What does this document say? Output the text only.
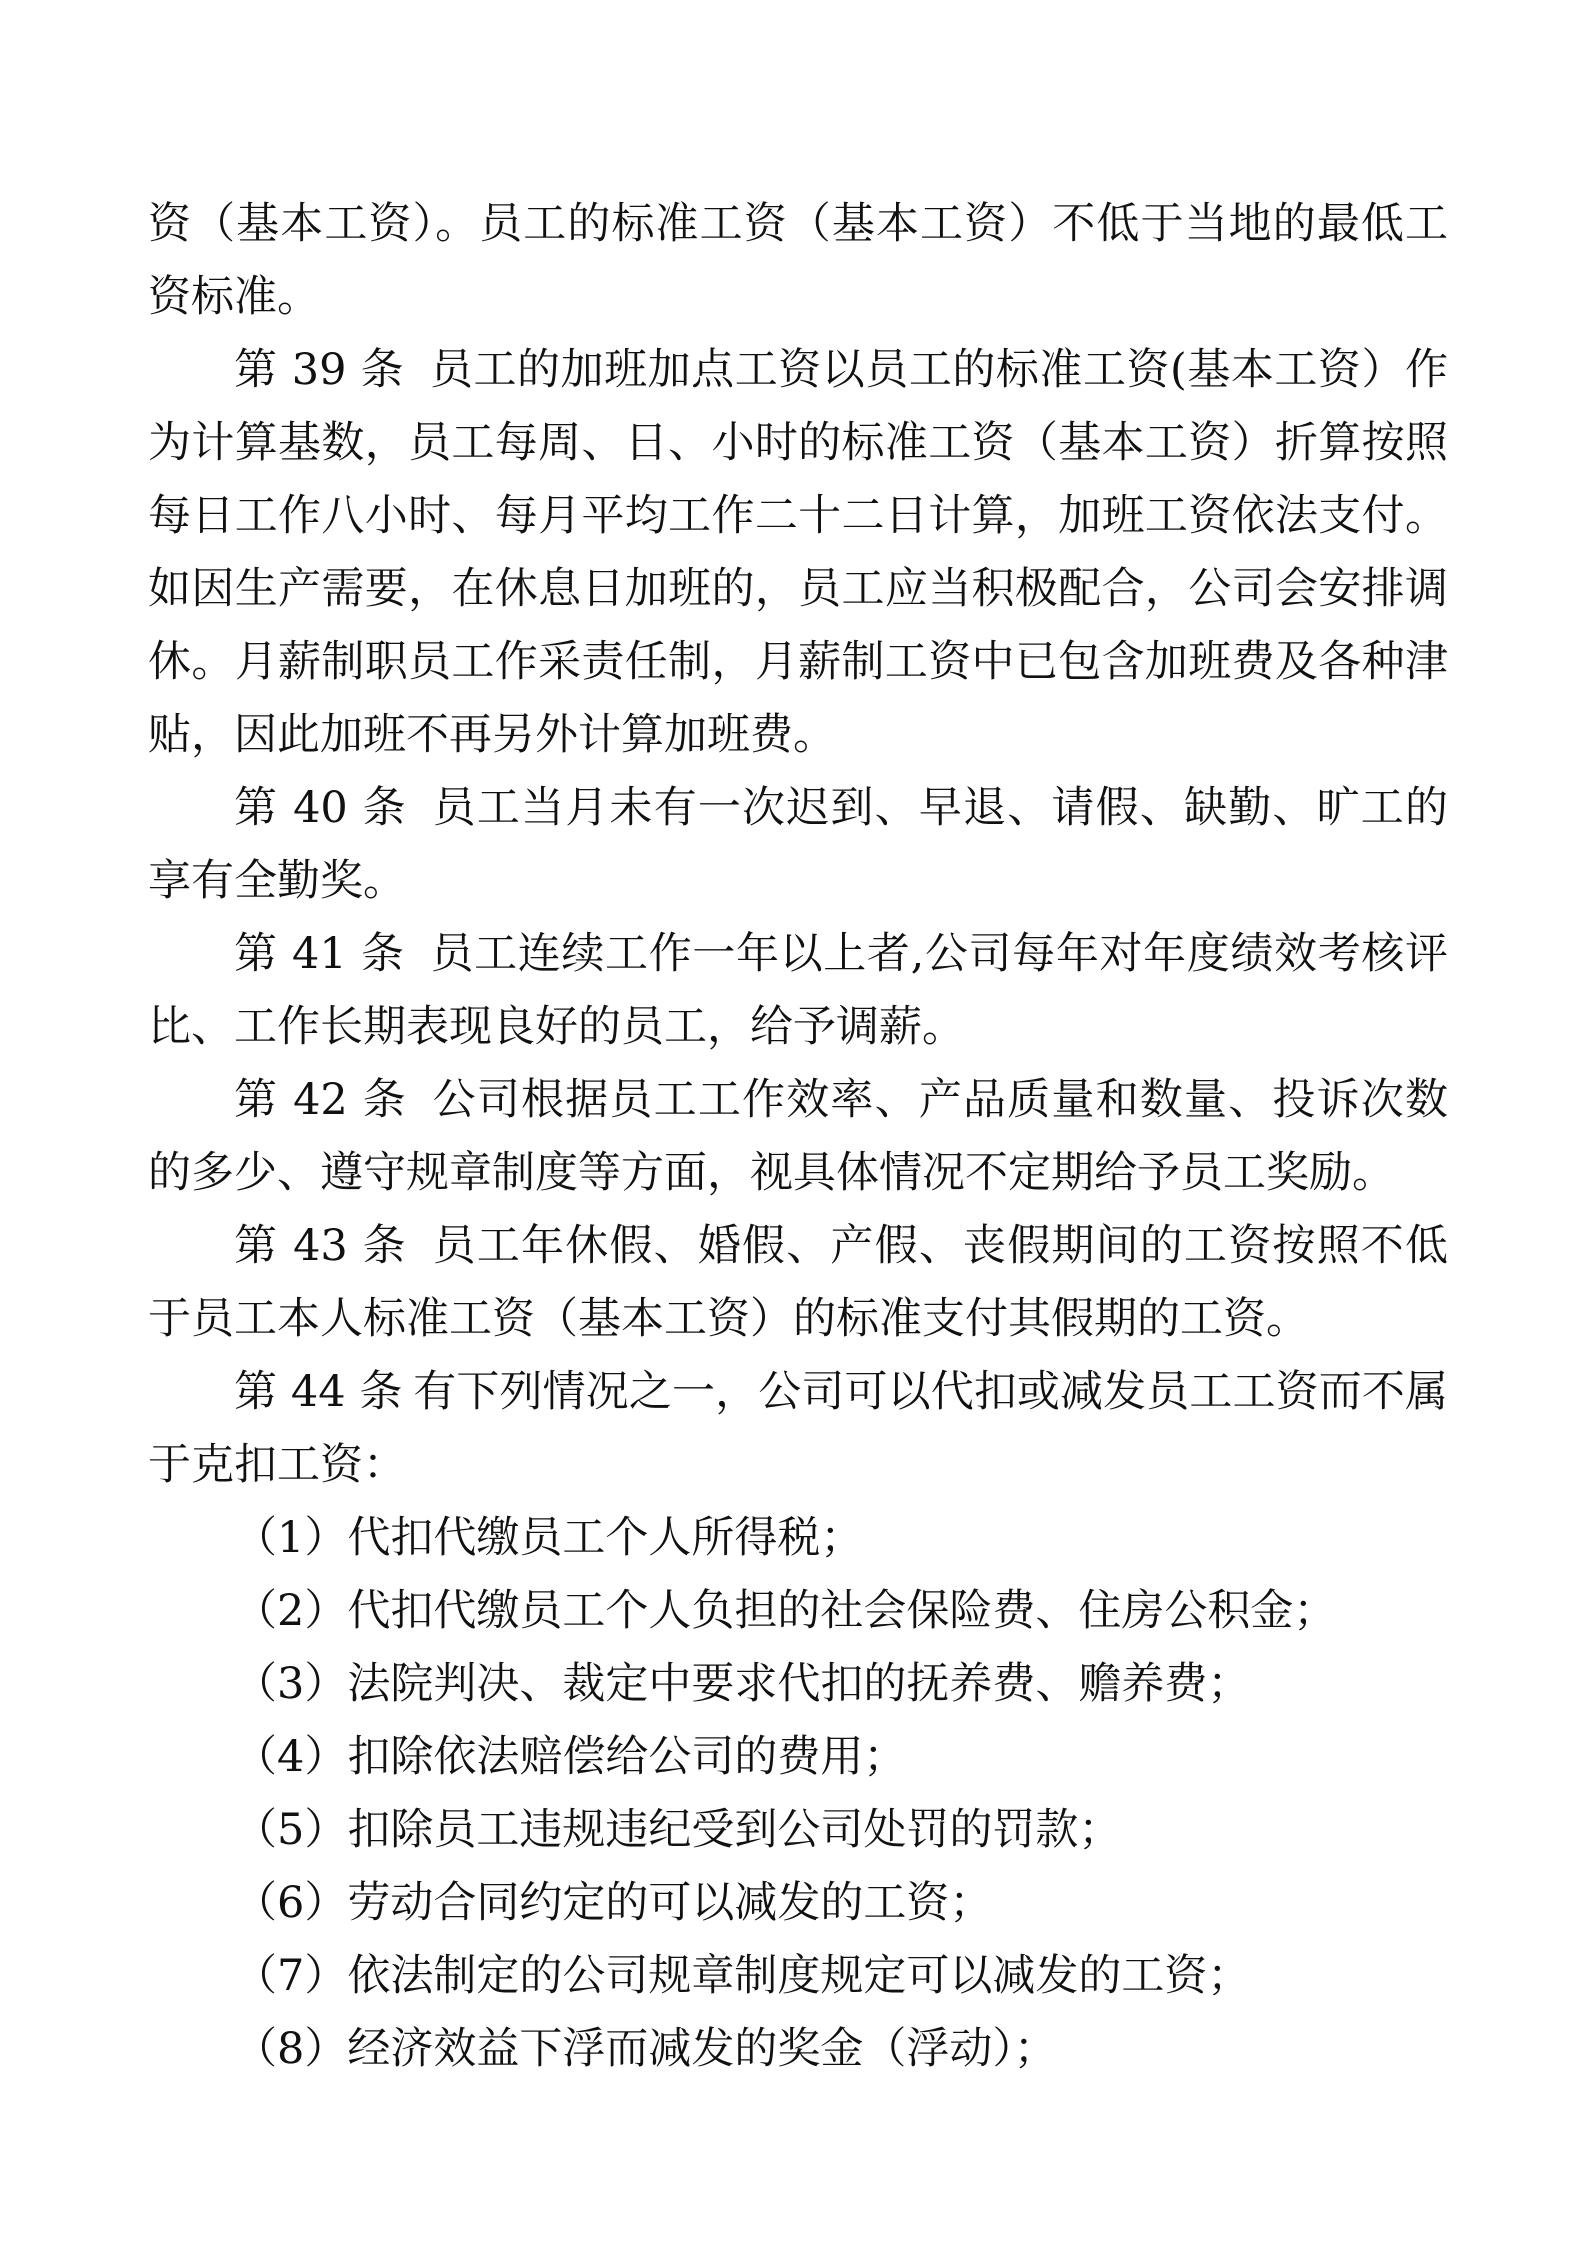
资（基本工资）。员工的标准工资（基本工资）不低于当地的最低工资标准。

第 39 条 员工的加班加点工资以员工的标准工资(基本工资）作为计算基数，员工每周、日、小时的标准工资（基本工资）折算按照每日工作八小时、每月平均工作二十二日计算，加班工资依法支付。如因生产需要，在休息日加班的，员工应当积极配合，公司会安排调休。月薪制职员工作采责任制，月薪制工资中已包含加班费及各种津贴，因此加班不再另外计算加班费。

第 40 条 员工当月未有一次迟到、早退、请假、缺勤、旷工的享有全勤奖。

第 41 条 员工连续工作一年以上者,公司每年对年度绩效考核评比、工作长期表现良好的员工，给予调薪。

第 42 条 公司根据员工工作效率、产品质量和数量、投诉次数的多少、遵守规章制度等方面，视具体情况不定期给予员工奖励。

第 43 条 员工年休假、婚假、产假、丧假期间的工资按照不低于员工本人标准工资（基本工资）的标准支付其假期的工资。

第 44 条 有下列情况之一，公司可以代扣或减发员工工资而不属于克扣工资：

（1）代扣代缴员工个人所得税；

（2）代扣代缴员工个人负担的社会保险费、住房公积金；

（3）法院判决、裁定中要求代扣的抚养费、赡养费；

（4）扣除依法赔偿给公司的费用；

（5）扣除员工违规违纪受到公司处罚的罚款；

（6）劳动合同约定的可以减发的工资；

（7）依法制定的公司规章制度规定可以减发的工资；

（8）经济效益下浮而减发的奖金（浮动）；
